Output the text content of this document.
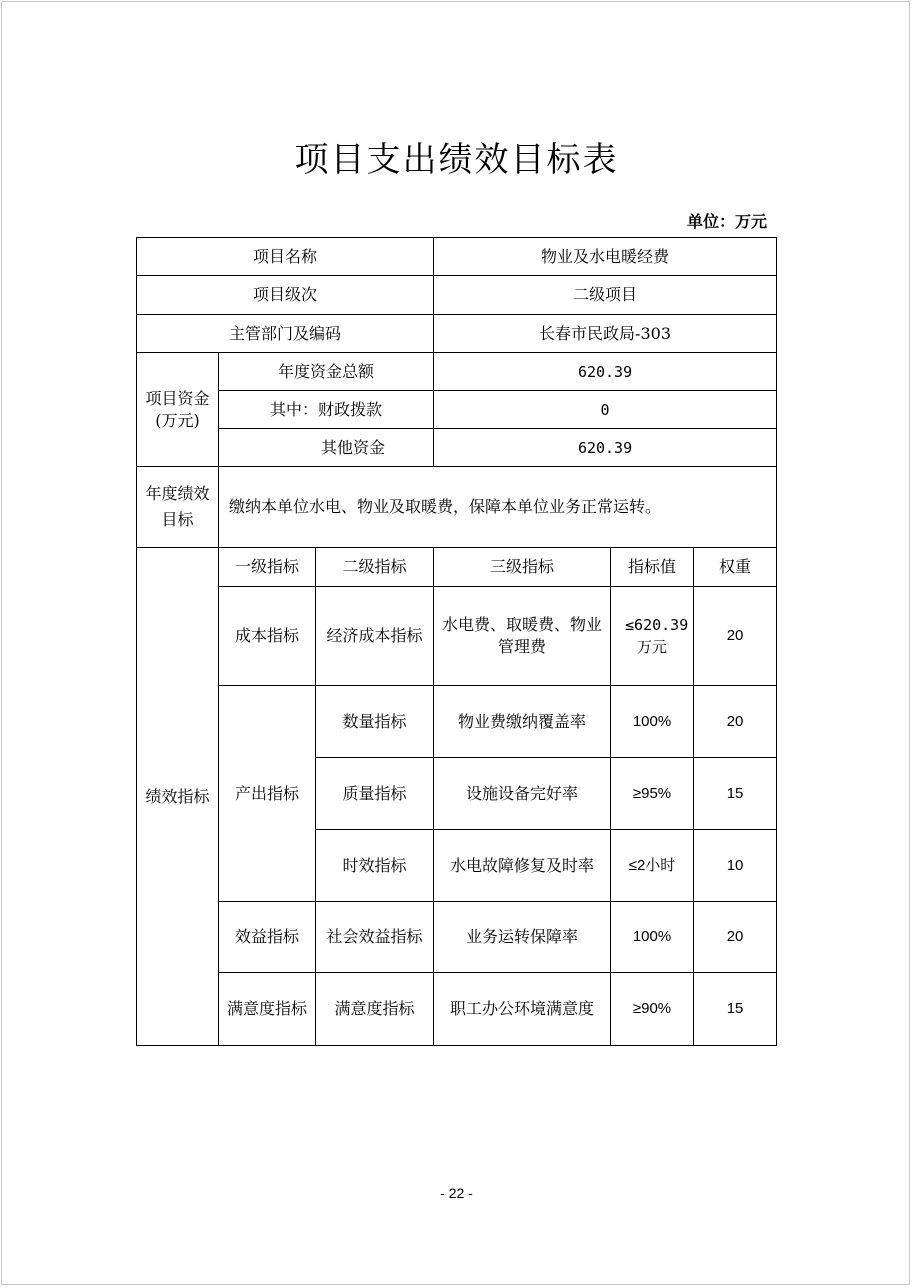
项目支出绩效目标表
单位：万元
项目名称			物业及水电暖经费		
项目级次			二级项目		
主管部门及编码			长春市民政局-303		
项目资金(万元)	年度资金总额		620.39		
	其中：财政拨款		0		
	其他资金		620.39		
年度绩效目标	缴纳本单位水电、物业及取暖费，保障本单位业务正常运转。				
绩效指标	一级指标	二级指标	三级指标	指标值	权重
	成本指标	经济成本指标	水电费、取暖费、物业管理费	≤620.39万元	20
	产出指标	数量指标	物业费缴纳覆盖率	100%	20
		质量指标	设施设备完好率	≥95%	15
		时效指标	水电故障修复及时率	≤2小时	10
	效益指标	社会效益指标	业务运转保障率	100%	20
	满意度指标	满意度指标	职工办公环境满意度	≥90%	15
- 22 -
